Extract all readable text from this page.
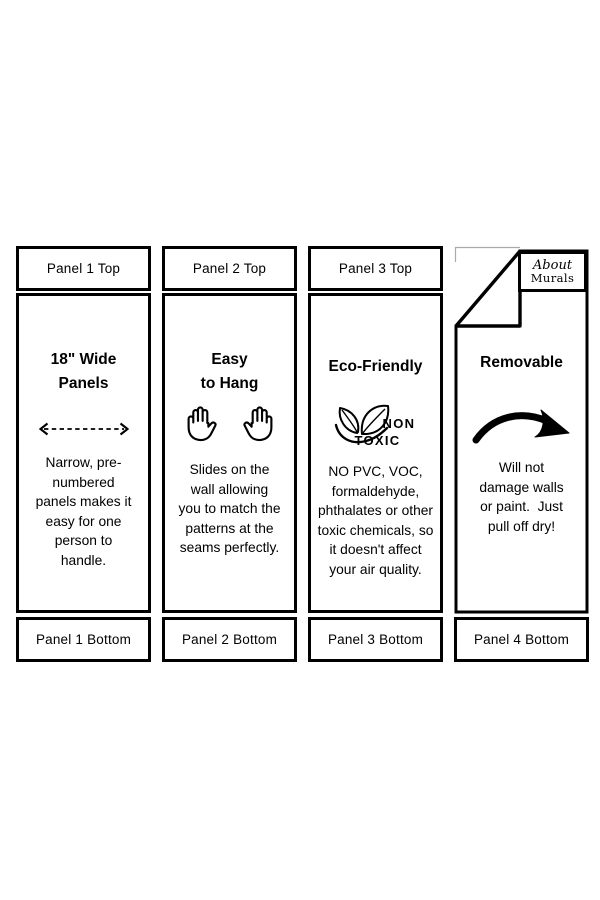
Panel 1 Top
18" Wide
Panels

Narrow, pre-numbered panels makes it easy for one person to handle.

Panel 1 Bottom
Panel 2 Top
Easy
to Hang

Slides on the wall allowing you to match the patterns at the seams perfectly.

Panel 2 Bottom
Panel 3 Top
Eco-Friendly
NON
TOXIC

NO PVC, VOC, formaldehyde, phthalates or other toxic chemicals, so it doesn't affect your air quality.

Panel 3 Bottom
About
Murals
Removable

Will not damage walls or paint.  Just pull off dry!

Panel 4 Bottom
